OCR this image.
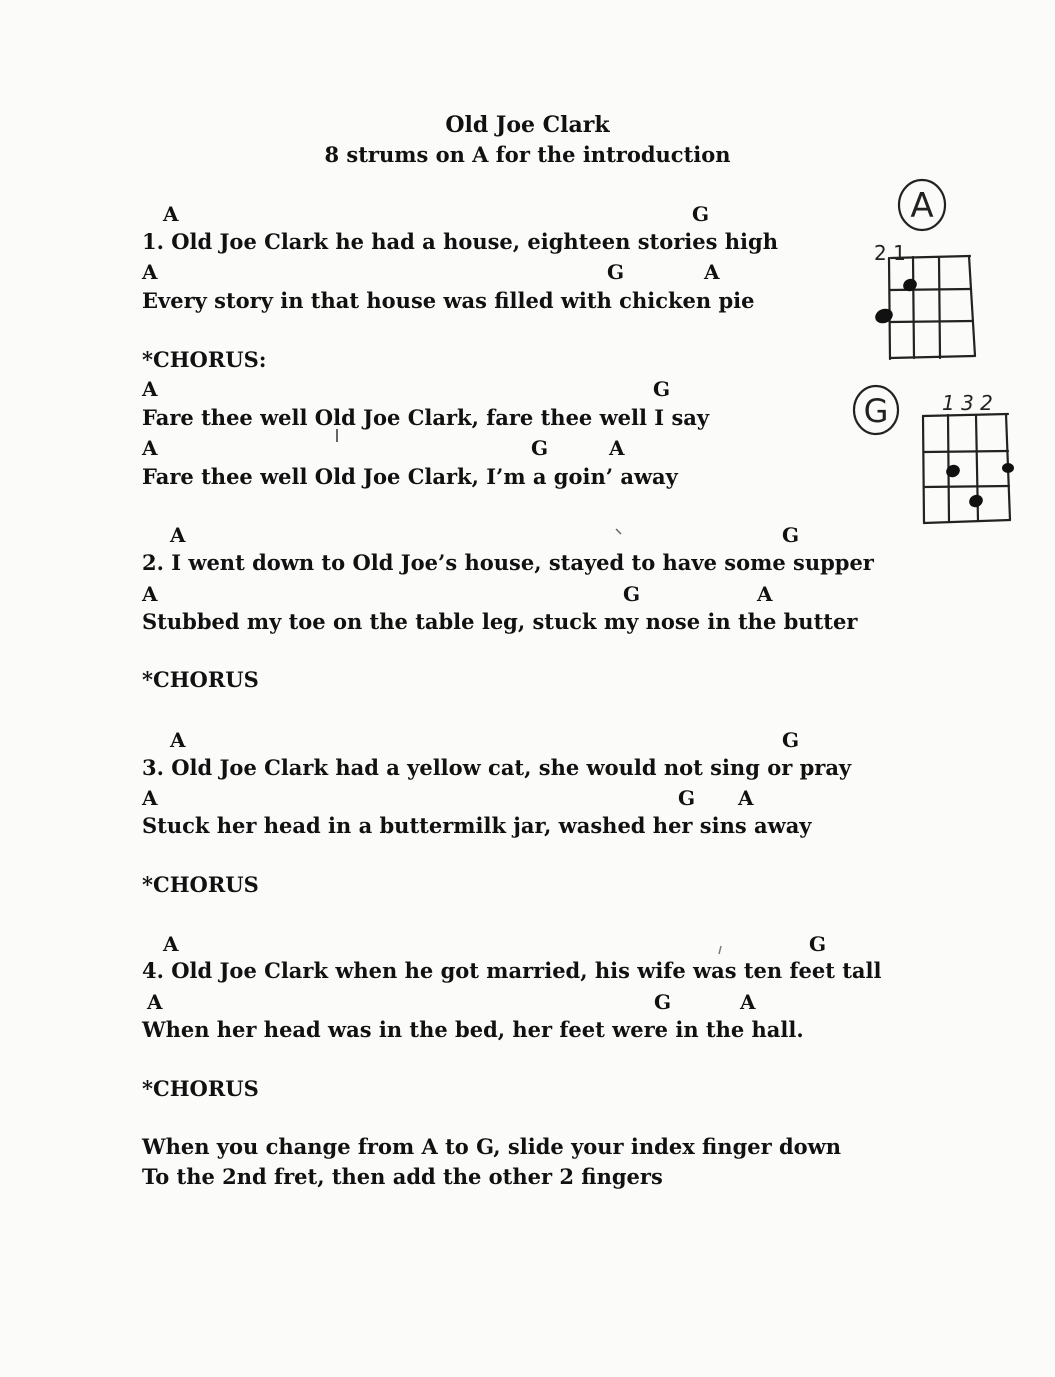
Old Joe Clark
8 strums on A for the introduction
A	G
1. Old Joe Clark he had a house, eighteen stories high
A	G	A
Every story in that house was filled with chicken pie
*CHORUS:
A	G
Fare thee well Old Joe Clark, fare thee well I say
A	G	A
Fare thee well Old Joe Clark, I’m a goin’ away
A	G
2. I went down to Old Joe’s house, stayed to have some supper
A	G	A
Stubbed my toe on the table leg, stuck my nose in the butter
*CHORUS
A	G
3. Old Joe Clark had a yellow cat, she would not sing or pray
A	G A
Stuck her head in a buttermilk jar, washed her sins away
*CHORUS
A	G
4. Old Joe Clark when he got married, his wife was ten feet tall
A	G	A
When her head was in the bed, her feet were in the hall.
*CHORUS
When you change from A to G, slide your index finger down
To the 2nd fret, then add the other 2 fingers
A
2 1
G	1 3 2
